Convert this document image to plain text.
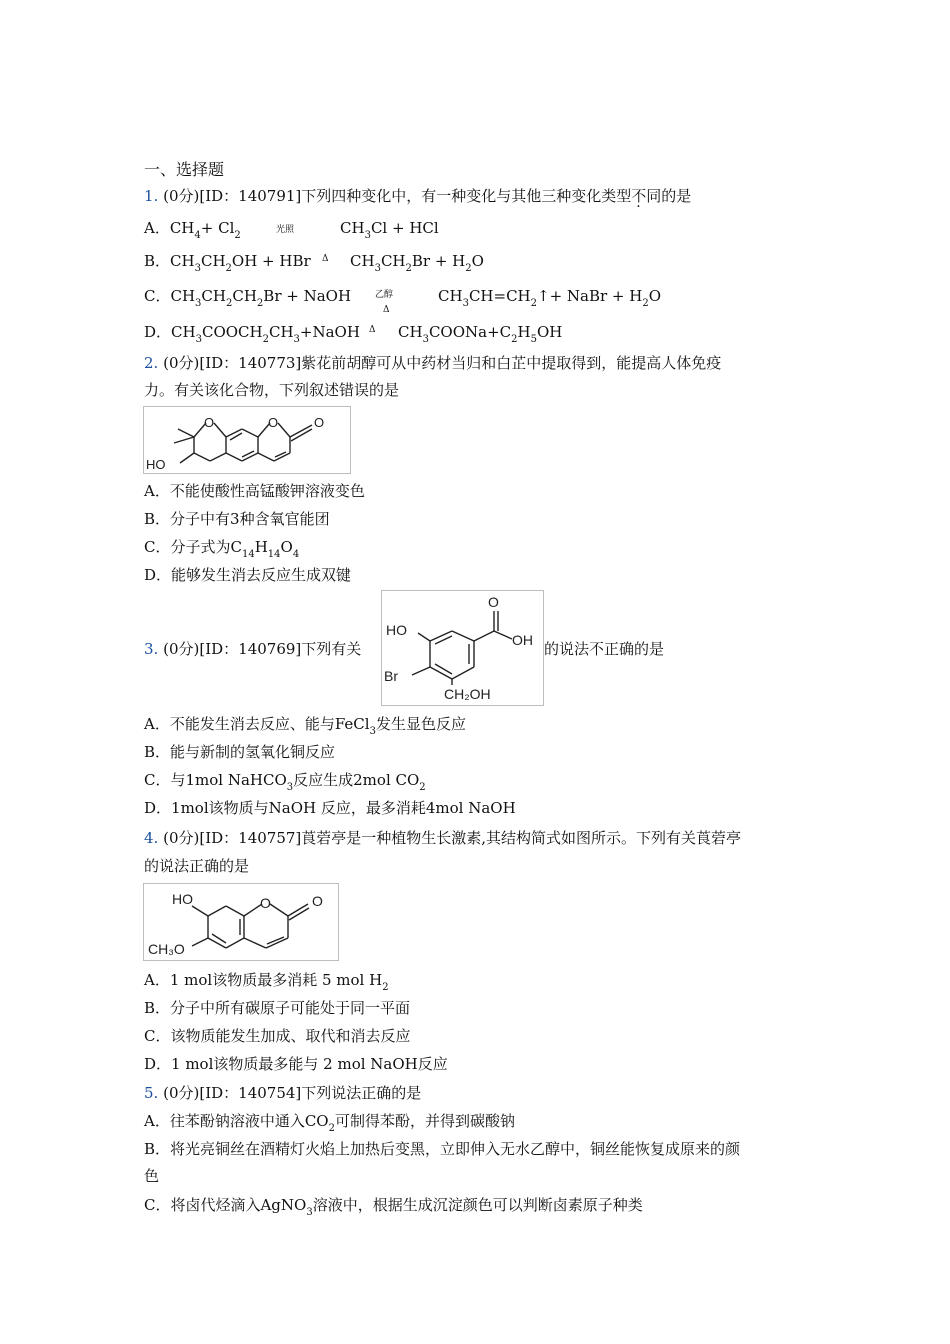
一、选择题
1. (0分)[ID：140791]下列四种变化中，有一种变化与其他三种变化类型不同的是
A．$CH_4+ Cl_2$	光照	$CH_3Cl$ + HCl
B．$CH_3CH_2OH$ + HBr Δ $CH_3CH_2Br + H_2O$
C．$CH_3CH_2CH_2Br$ + NaOH	乙醇
Δ
$CH_3CH=CH_2↑+$ NaBr + $H_2O$
D．$CH_3COOCH_2CH_3+NaOH$ Δ $CH_3COONa+C_2H_5OH$
2. (0分)[ID：140773]紫花前胡醇可从中药材当归和白芷中提取得到，能提高人体免疫
力。有关该化合物，下列叙述错误的是
O	O	O
HO
A．不能使酸性高锰酸钾溶液变色
B．分子中有3种含氧官能团
C．分子式为$C_{14}H_{14}O_4$
D．能够发生消去反应生成双键
3. (0分)[ID：140769]下列有关
O
OH
HO
Br
CH₂OH
的说法不正确的是
A．不能发生消去反应、能与FeCl$_3$发生显色反应
B．能与新制的氢氧化铜反应
C．与1mol NaHCO$_3$反应生成2mol $CO_2$
D．1mol该物质与NaOH 反应，最多消耗4mol NaOH
4. (0分)[ID：140757]莨菪亭是一种植物生长激素,其结构简式如图所示。下列有关莨菪亭
的说法正确的是
HO	O	O
CH₃O
A．1 mol该物质最多消耗 5 mol $H_2$
B．分子中所有碳原子可能处于同一平面
C．该物质能发生加成、取代和消去反应
D．1 mol该物质最多能与 2 mol NaOH反应
5. (0分)[ID：140754]下列说法正确的是
A．往苯酚钠溶液中通入$CO_2$可制得苯酚，并得到碳酸钠
B．将光亮铜丝在酒精灯火焰上加热后变黑，立即伸入无水乙醇中，铜丝能恢复成原来的颜
色
C．将卤代烃滴入AgNO$_3$溶液中，根据生成沉淀颜色可以判断卤素原子种类
